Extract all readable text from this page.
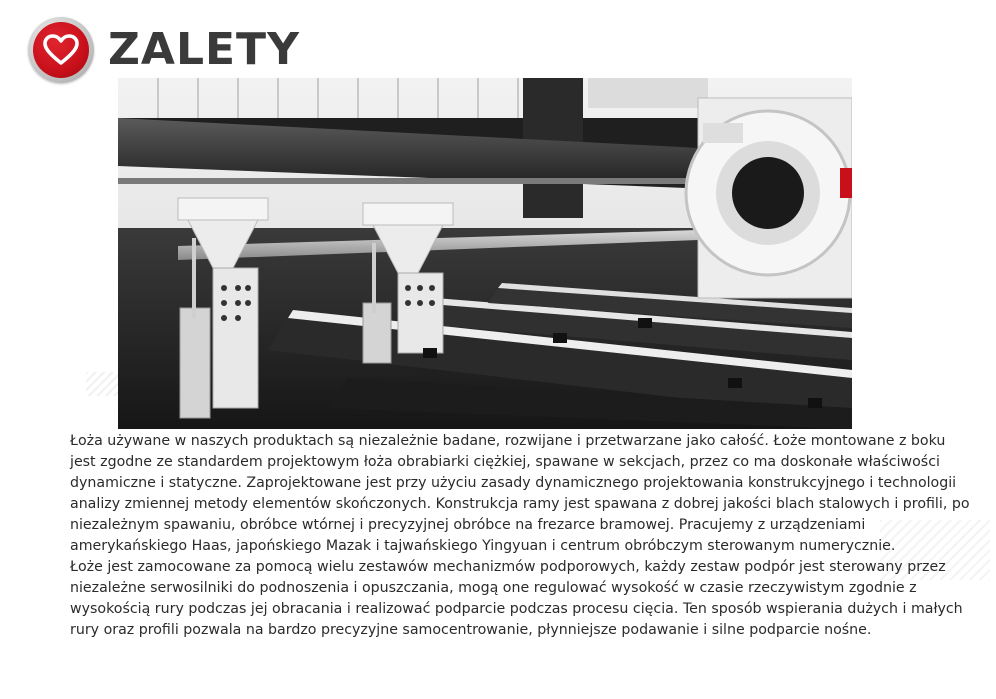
ZALETY

Łoża używane w naszych produktach są niezależnie badane, rozwijane i przetwarzane jako całość. Łoże montowane z boku jest zgodne ze standardem projektowym łoża obrabiarki ciężkiej, spawane w sekcjach, przez co ma doskonałe właściwości dynamiczne i statyczne. Zaprojektowane jest przy użyciu zasady dynamicznego projektowania konstrukcyjnego i technologii analizy zmiennej metody elementów skończonych. Konstrukcja ramy jest spawana z dobrej jakości blach stalowych i profili, po niezależnym spawaniu, obróbce wtórnej i precyzyjnej obróbce na frezarce bramowej. Pracujemy z urządzeniami amerykańskiego Haas, japońskiego Mazak i tajwańskiego Yingyuan i centrum obróbczym sterowanym numerycznie.

Łoże jest zamocowane za pomocą wielu zestawów mechanizmów podporowych, każdy zestaw podpór jest sterowany przez niezależne serwosilniki do podnoszenia i opuszczania, mogą one regulować wysokość w czasie rzeczywistym zgodnie z wysokością rury podczas jej obracania i realizować podparcie podczas procesu cięcia. Ten sposób wspierania dużych i małych rury oraz profili pozwala na bardzo precyzyjne samocentrowanie, płynniejsze podawanie i silne podparcie nośne.
